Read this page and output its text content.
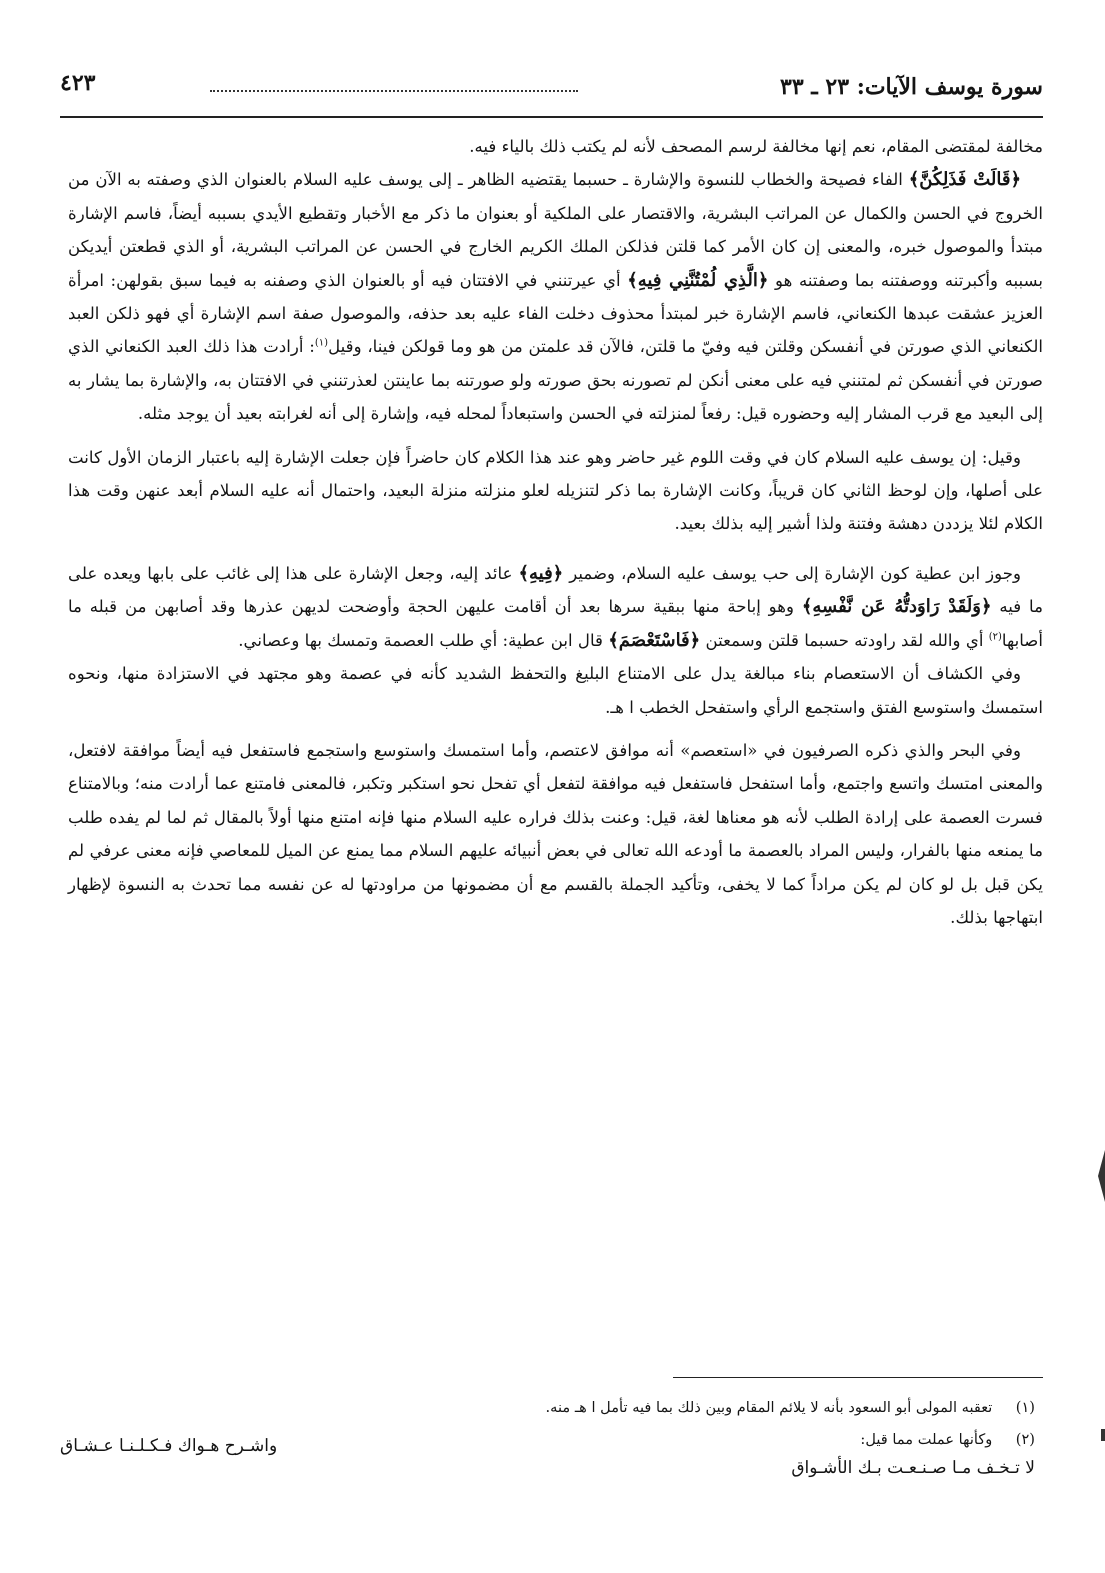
سورة يوسف الآيات: ٢٣ ـ ٣٣
٤٢٣

مخالفة لمقتضى المقام، نعم إنها مخالفة لرسم المصحف لأنه لم يكتب ذلك بالياء فيه.

﴿قَالَتْ فَذَلِكُنَّ﴾ الفاء فصيحة والخطاب للنسوة والإشارة ـ حسبما يقتضيه الظاهر ـ إلى يوسف عليه السلام بالعنوان الذي وصفته به الآن من الخروج في الحسن والكمال عن المراتب البشرية، والاقتصار على الملكية أو بعنوان ما ذكر مع الأخبار وتقطيع الأيدي بسببه أيضاً، فاسم الإشارة مبتدأ والموصول خبره، والمعنى إن كان الأمر كما قلتن فذلكن الملك الكريم الخارج في الحسن عن المراتب البشرية، أو الذي قطعتن أيديكن بسببه وأكبرتنه ووصفتنه بما وصفتنه هو ﴿الَّذِي لُمْتُنَّنِي فِيهِ﴾ أي عيرتنني في الافتتان فيه أو بالعنوان الذي وصفنه به فيما سبق بقولهن: امرأة العزيز عشقت عبدها الكنعاني، فاسم الإشارة خبر لمبتدأ محذوف دخلت الفاء عليه بعد حذفه، والموصول صفة اسم الإشارة أي فهو ذلكن العبد الكنعاني الذي صورتن في أنفسكن وقلتن فيه وفيّ ما قلتن، فالآن قد علمتن من هو وما قولكن فينا، وقيل$^{(١)}$: أرادت هذا ذلك العبد الكنعاني الذي صورتن في أنفسكن ثم لمتنني فيه على معنى أنكن لم تصورنه بحق صورته ولو صورتنه بما عاينتن لعذرتنني في الافتتان به، والإشارة بما يشار به إلى البعيد مع قرب المشار إليه وحضوره قيل: رفعاً لمنزلته في الحسن واستبعاداً لمحله فيه، وإشارة إلى أنه لغرابته بعيد أن يوجد مثله.

وقيل: إن يوسف عليه السلام كان في وقت اللوم غير حاضر وهو عند هذا الكلام كان حاضراً فإن جعلت الإشارة إليه باعتبار الزمان الأول كانت على أصلها، وإن لوحظ الثاني كان قريباً، وكانت الإشارة بما ذكر لتنزيله لعلو منزلته منزلة البعيد، واحتمال أنه عليه السلام أبعد عنهن وقت هذا الكلام لئلا يزددن دهشة وفتنة ولذا أشير إليه بذلك بعيد.

وجوز ابن عطية كون الإشارة إلى حب يوسف عليه السلام، وضمير ﴿فِيهِ﴾ عائد إليه، وجعل الإشارة على هذا إلى غائب على بابها ويعده على ما فيه ﴿وَلَقَدْ رَاوَدتُّهُ عَن نَّفْسِهِ﴾ وهو إباحة منها ببقية سرها بعد أن أقامت عليهن الحجة وأوضحت لديهن عذرها وقد أصابهن من قبله ما أصابها$^{(٢)}$ أي والله لقد راودته حسبما قلتن وسمعتن ﴿فَاسْتَعْصَمَ﴾ قال ابن عطية: أي طلب العصمة وتمسك بها وعصاني.

وفي الكشاف أن الاستعصام بناء مبالغة يدل على الامتناع البليغ والتحفظ الشديد كأنه في عصمة وهو مجتهد في الاستزادة منها، ونحوه استمسك واستوسع الفتق واستجمع الرأي واستفحل الخطب ا هـ.

وفي البحر والذي ذكره الصرفيون في «استعصم» أنه موافق لاعتصم، وأما استمسك واستوسع واستجمع فاستفعل فيه أيضاً موافقة لافتعل، والمعنى امتسك واتسع واجتمع، وأما استفحل فاستفعل فيه موافقة لتفعل أي تفحل نحو استكبر وتكبر، فالمعنى فامتنع عما أرادت منه؛ وبالامتناع فسرت العصمة على إرادة الطلب لأنه هو معناها لغة، قيل: وعنت بذلك فراره عليه السلام منها فإنه امتنع منها أولاً بالمقال ثم لما لم يفده طلب ما يمنعه منها بالفرار، وليس المراد بالعصمة ما أودعه الله تعالى في بعض أنبيائه عليهم السلام مما يمنع عن الميل للمعاصي فإنه معنى عرفي لم يكن قبل بل لو كان لم يكن مراداً كما لا يخفى، وتأكيد الجملة بالقسم مع أن مضمونها من مراودتها له عن نفسه مما تحدث به النسوة لإظهار ابتهاجها بذلك.

(١) تعقبه المولى أبو السعود بأنه لا يلائم المقام وبين ذلك بما فيه تأمل ا هـ منه.

(٢) وكأنها عملت مما قيل:

لا تـخـف مـا صـنـعـت بـك الأشـواق
واشـرح هـواك فـكـلـنـا عـشـاق
